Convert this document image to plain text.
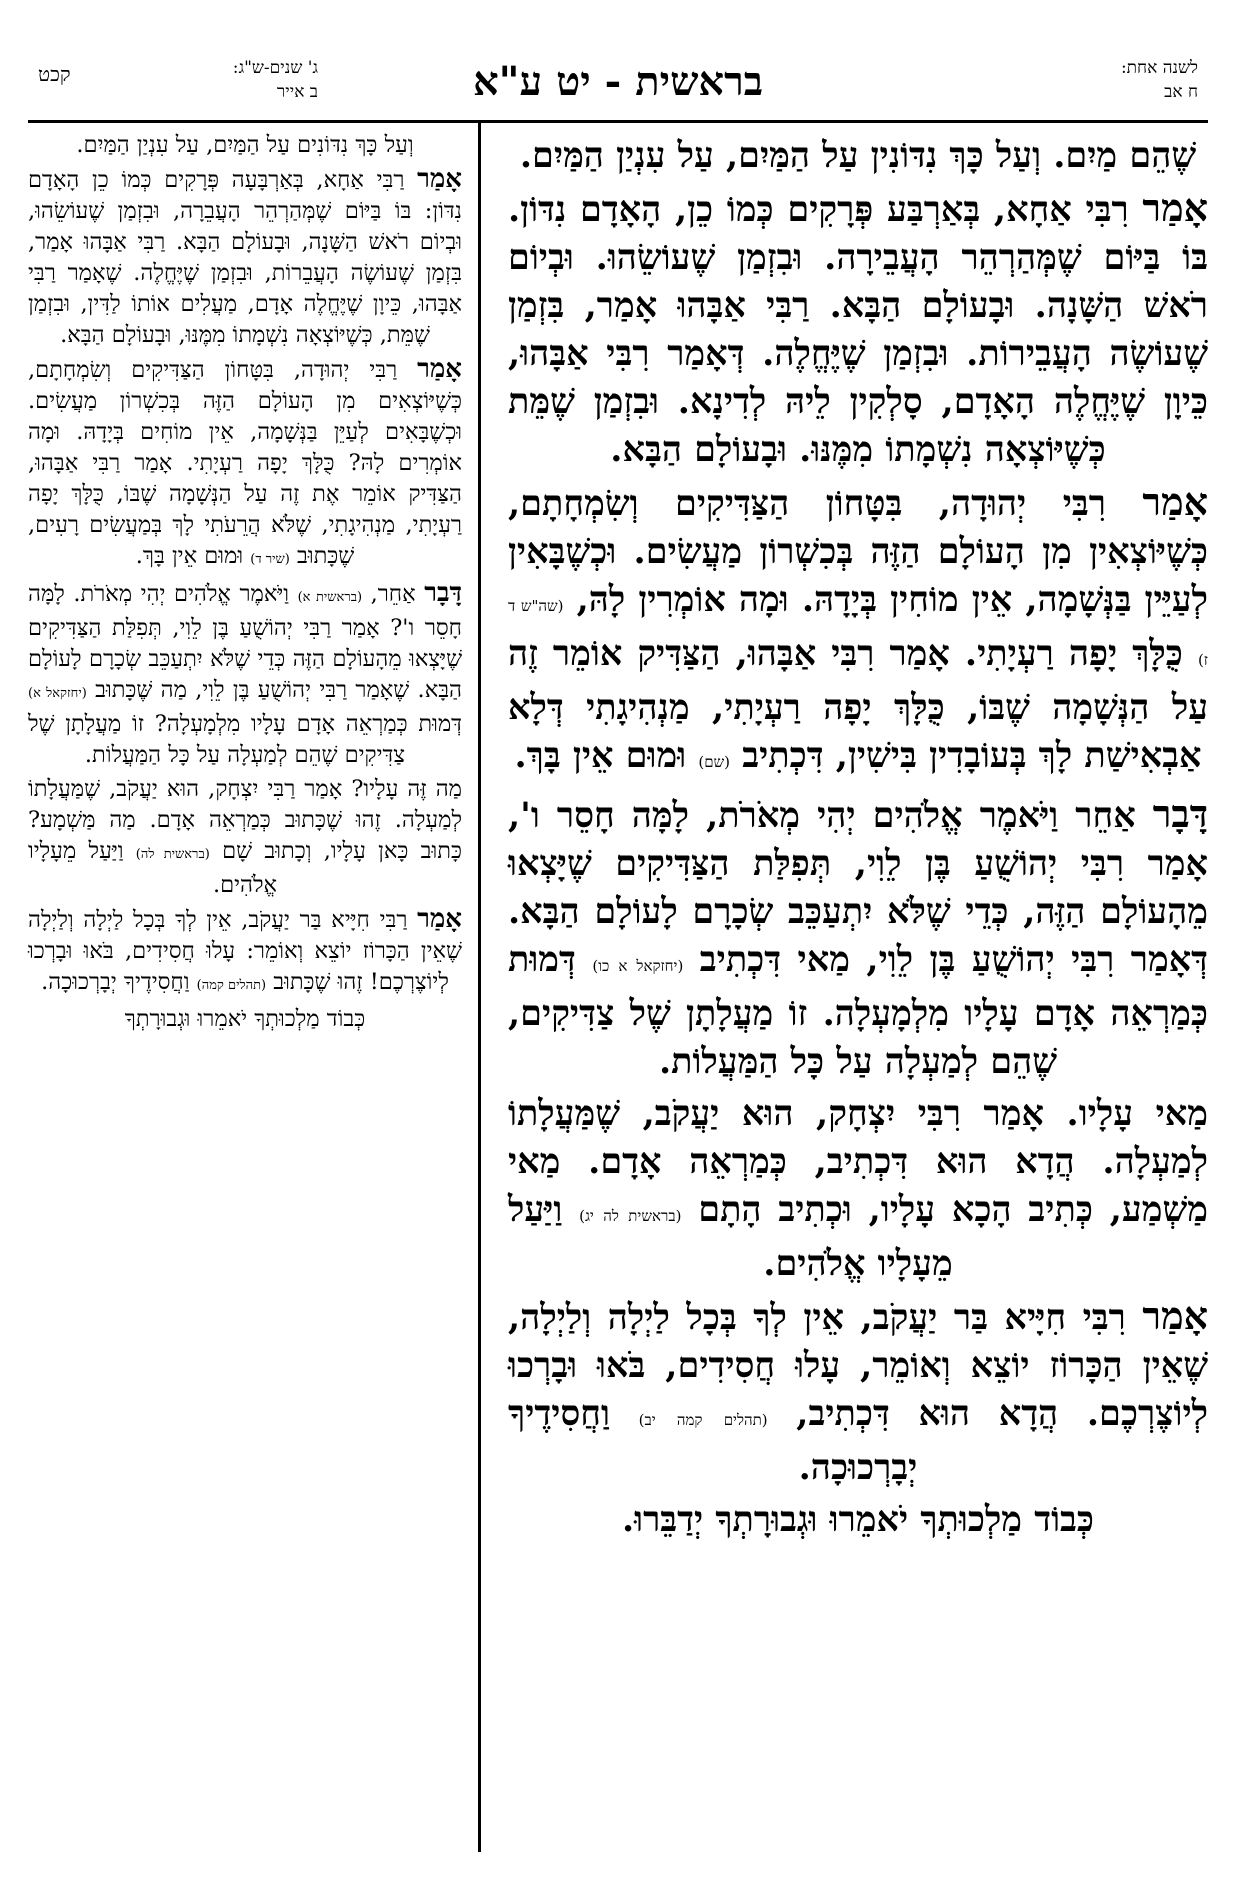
לשנה אחת:
ח אב
בראשית - יט ע"א
ג' שנים-ש"ג:
ב אייר
קכט

שֶׁהֵם מַיִם. וְעַל כָּךְ נִדּוֹנִין עַל הַמַּיִם, עַל עִנְיַן הַמַּיִם.

אָמַר רִבִּי אַחָא, בְּאַרְבַּע פְּרָקִים כְּמוֹ כֵן, הָאָדָם נִדּוֹן. בּוֹ בַּיּוֹם שֶׁמְּהַרְהֵר הָעֲבֵירָה. וּבִזְמַן שֶׁעוֹשֵׂהוּ. וּבְיוֹם רֹאשׁ הַשָּׁנָה. וּבָעוֹלָם הַבָּא. רַבִּי אַבָּהוּ אָמַר, בִּזְמַן שֶׁעוֹשֶׂה הָעֲבֵירוֹת. וּבִזְמַן שֶׁיֶּחֱלֶה. דְּאָמַר רִבִּי אַבָּהוּ, כֵּיוָן שֶׁיֶּחֱלֶה הָאָדָם, סָלְקִין לֵיהּ לְדִינָא. וּבִזְמַן שֶׁמֵּת כְּשֶׁיּוֹצְאָה נִשְׁמָתוֹ מִמֶּנּוּ. וּבָעוֹלָם הַבָּא.

אָמַר רִבִּי יְהוּדָה, בִּטָּחוֹן הַצַּדִּיקִים וְשִׂמְחָתָם, כְּשֶׁיּוֹצְאִין מִן הָעוֹלָם הַזֶּה בְּכִשְׁרוֹן מַעֲשִׂים. וּכְשֶׁבָּאִין לְעַיֵּין בַּנְּשָׁמָה, אֵין מוֹחִין בְּיָדָהּ. וּמָה אוֹמְרִין לָהּ, (שה"ש ד ז) כֻּלָּךְ יָפָה רַעְיָתִי. אָמַר רִבִּי אַבָּהוּ, הַצַּדִּיק אוֹמֵר זֶה עַל הַנְּשָׁמָה שֶׁבּוֹ, כֻּלָּךְ יָפָה רַעְיָתִי, מַנְהִיגָתִי דְּלָא אַבְאִישַׁת לָךְ בְּעוֹבָדִין בִּישִׁין, דִּכְתִיב (שם) וּמוּם אֵין בָּךְ.

דָּבָר אַחֵר וַיֹּאמֶר אֱלֹהִים יְהִי מְאֹרֹת, לָמָּה חָסֵר ו', אָמַר רִבִּי יְהוֹשֻׁעַ בֶּן לֵוִי, תְּפִלַּת הַצַּדִּיקִים שֶׁיָּצְאוּ מֵהָעוֹלָם הַזֶּה, כְּדֵי שֶׁלֹּא יִתְעַכֵּב שְׂכָרָם לָעוֹלָם הַבָּא. דְּאָמַר רִבִּי יְהוֹשֻׁעַ בֶּן לֵוִי, מַאי דִּכְתִיב (יחזקאל א כו) דְּמוּת כְּמַרְאֵה אָדָם עָלָיו מִלְמָעְלָה. זוֹ מַעֲלָתָן שֶׁל צַדִּיקִים, שֶׁהֵם לְמַעְלָה עַל כָּל הַמַּעֲלוֹת.

מַאי עָלָיו. אָמַר רִבִּי יִצְחָק, הוּא יַעֲקֹב, שֶׁמַּעֲלָתוֹ לְמַעְלָה. הֲדָא הוּא דִּכְתִיב, כְּמַרְאֵה אָדָם. מַאי מַשְׁמַע, כְּתִיב הָכָא עָלָיו, וּכְתִיב הָתָם (בראשית לה יג) וַיַּעַל מֵעָלָיו אֱלֹהִים.

אָמַר רִבִּי חִיָּיא בַּר יַעֲקֹב, אֵין לְךָ בְּכָל לַיְלָה וְלַיְלָה, שֶׁאֵין הַכָּרוֹז יוֹצֵא וְאוֹמֵר, עָלוּ חֲסִידִים, בֹּאוּ וּבָרְכוּ לְיוֹצֶרְכֶם. הֲדָא הוּא דִּכְתִיב, (תהלים קמה יב) וַחֲסִידֶיךָ יְבָרְכוּכָה.

כְּבוֹד מַלְכוּתְךָ יֹאמֵרוּ וּגְבוּרָתְךָ יְדַבֵּרוּ.

וְעַל כָּךְ נִדּוֹנִים עַל הַמַּיִם, עַל עִנְיַן הַמַּיִם.

אָמַר רַבִּי אַחָא, בְּאַרְבָּעָה פְּרָקִים כְּמוֹ כֵן הָאָדָם נִדּוֹן: בּוֹ בַּיּוֹם שֶׁמְּהַרְהֵר הָעֲבֵרָה, וּבִזְמַן שֶׁעוֹשֵׂהוּ, וּבְיוֹם רֹאשׁ הַשָּׁנָה, וּבָעוֹלָם הַבָּא. רַבִּי אַבָּהוּ אָמַר, בִּזְמַן שֶׁעוֹשֶׂה הָעֲבֵרוֹת, וּבִזְמַן שֶׁיֶּחֱלֶה. שֶׁאָמַר רַבִּי אַבָּהוּ, כֵּיוָן שֶׁיֶּחֱלֶה אָדָם, מַעֲלִים אוֹתוֹ לַדִּין, וּבִזְמַן שֶׁמֵּת, כְּשֶׁיּוֹצְאָה נִשְׁמָתוֹ מִמֶּנּוּ, וּבָעוֹלָם הַבָּא.

אָמַר רַבִּי יְהוּדָה, בִּטָּחוֹן הַצַּדִּיקִים וְשִׂמְחָתָם, כְּשֶׁיּוֹצְאִים מִן הָעוֹלָם הַזֶּה בְּכִשְׁרוֹן מַעֲשִׂים. וּכְשֶׁבָּאִים לְעַיֵּן בַּנְּשָׁמָה, אֵין מוֹחִים בְּיָדָהּ. וּמָה אוֹמְרִים לָהּ? כֻּלָּךְ יָפָה רַעְיָתִי. אָמַר רַבִּי אַבָּהוּ, הַצַּדִּיק אוֹמֵר אֶת זֶה עַל הַנְּשָׁמָה שֶׁבּוֹ, כֻּלָּךְ יָפָה רַעְיָתִי, מַנְהִיגָתִי, שֶׁלֹּא הֲרֵעֹתִי לָךְ בְּמַעֲשִׂים רָעִים, שֶׁכָּתוּב (שיר ד) וּמוּם אֵין בָּךְ.

דָּבָר אַחֵר, (בראשית א) וַיֹּאמֶר אֱלֹהִים יְהִי מְאֹרֹת. לָמָּה חָסֵר ו'? אָמַר רַבִּי יְהוֹשֻׁעַ בֶּן לֵוִי, תְּפִלַּת הַצַּדִּיקִים שֶׁיָּצְאוּ מֵהָעוֹלָם הַזֶּה כְּדֵי שֶׁלֹּא יִתְעַכֵּב שְׂכָרָם לָעוֹלָם הַבָּא. שֶׁאָמַר רַבִּי יְהוֹשֻׁעַ בֶּן לֵוִי, מַה שֶּׁכָּתוּב (יחזקאל א) דְּמוּת כְּמַרְאֵה אָדָם עָלָיו מִלְמָעְלָה? זוֹ מַעֲלָתָן שֶׁל צַדִּיקִים שֶׁהֵם לְמַעְלָה עַל כָּל הַמַּעֲלוֹת.

מַה זֶּה עָלָיו? אָמַר רַבִּי יִצְחָק, הוּא יַעֲקֹב, שֶׁמַּעֲלָתוֹ לְמַעְלָה. זֶהוּ שֶׁכָּתוּב כְּמַרְאֵה אָדָם. מַה מַּשְׁמָע? כָּתוּב כָּאן עָלָיו, וְכָתוּב שָׁם (בראשית לה) וַיַּעַל מֵעָלָיו אֱלֹהִים.

אָמַר רַבִּי חִיָּיא בַּר יַעֲקֹב, אֵין לְךָ בְּכָל לַיְלָה וְלַיְלָה שֶׁאֵין הַכָּרוֹז יוֹצֵא וְאוֹמֵר: עָלוּ חֲסִידִים, בֹּאוּ וּבָרְכוּ לְיוֹצֶרְכֶם! זֶהוּ שֶׁכָּתוּב (תהלים קמה) וַחֲסִידֶיךָ יְבָרְכוּכָה.

כְּבוֹד מַלְכוּתְךָ יֹאמֵרוּ וּגְבוּרָתְךָ
